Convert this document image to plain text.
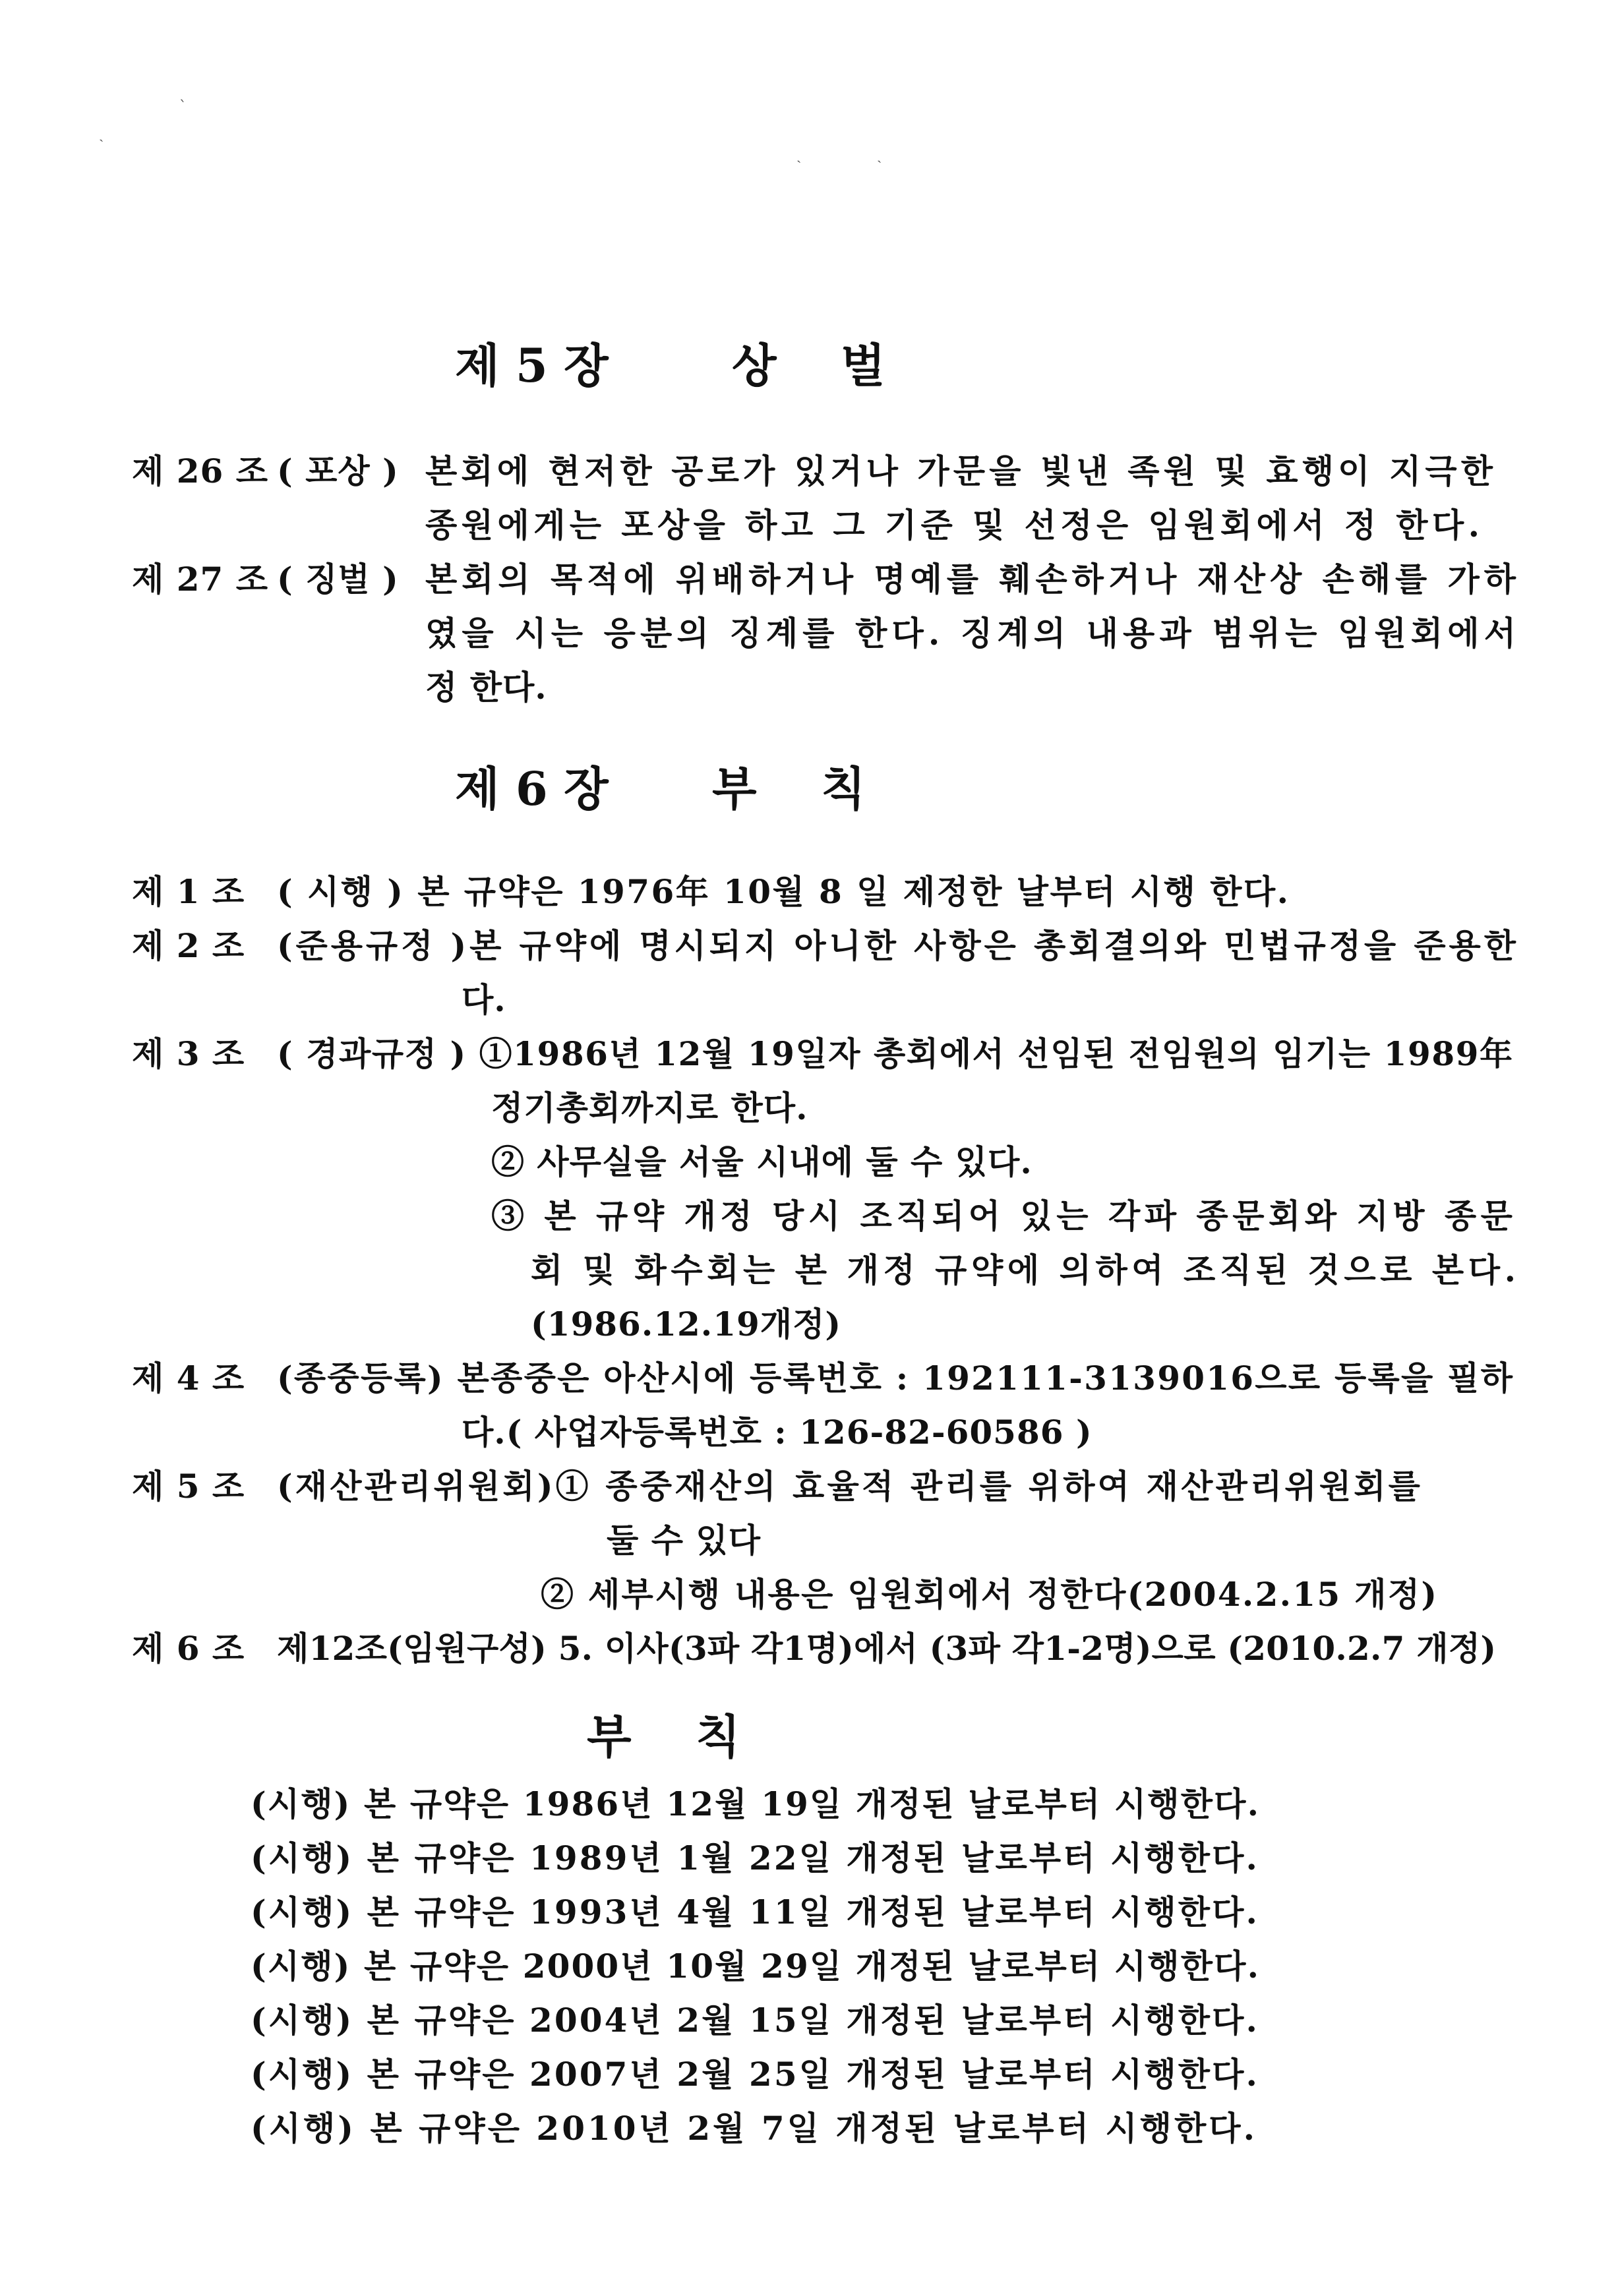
ˎ
ˋ
ˏ	ˎ
제 5 장	상    벌
제 26 조 ( 포상 ) 본회에 현저한 공로가 있거나 가문을 빛낸 족원 및 효행이 지극한
종원에게는 포상을 하고 그 기준 및 선정은 임원회에서 정 한다.
제 27 조 ( 징벌 ) 본회의 목적에 위배하거나 명예를 훼손하거나 재산상 손해를 가하
였을 시는 응분의 징계를 한다. 징계의 내용과 범위는 임원회에서
정 한다.
제 6 장 부    칙
제 1 조 ( 시행 ) 본 규약은 1976年 10월 8 일 제정한 날부터 시행 한다.
제 2 조 (준용규정 )본 규약에 명시되지 아니한 사항은 총회결의와 민법규정을 준용한
다.
제 3 조 ( 경과규정 ) ①1986년 12월 19일자 총회에서 선임된 전임원의 임기는 1989年
정기총회까지로 한다.
② 사무실을 서울 시내에 둘 수 있다.
③ 본 규약 개정 당시 조직되어 있는 각파 종문회와 지방 종문
회 및 화수회는 본 개정 규약에 의하여 조직된 것으로 본다.
(1986.12.19개정)
제 4 조 (종중등록) 본종중은 아산시에 등록번호 : 192111-3139016으로 등록을 필하
다.( 사업자등록번호 : 126-82-60586 )
제 5 조 (재산관리위원회)① 종중재산의 효율적 관리를 위하여 재산관리위원회를
둘 수 있다
② 세부시행 내용은 임원회에서 정한다(2004.2.15 개정)
제 6 조 제12조(임원구성) 5. 이사(3파 각1명)에서 (3파 각1-2명)으로 (2010.2.7 개정)
부    칙
(시행) 본 규약은 1986년 12월 19일 개정된 날로부터 시행한다.
(시행) 본 규약은 1989년 1월 22일 개정된 날로부터 시행한다.
(시행) 본 규약은 1993년 4월 11일 개정된 날로부터 시행한다.
(시행) 본 규약은 2000년 10월 29일 개정된 날로부터 시행한다.
(시행) 본 규약은 2004년 2월 15일 개정된 날로부터 시행한다.
(시행) 본 규약은 2007년 2월 25일 개정된 날로부터 시행한다.
(시행) 본 규약은 2010년 2월 7일 개정된 날로부터 시행한다.
